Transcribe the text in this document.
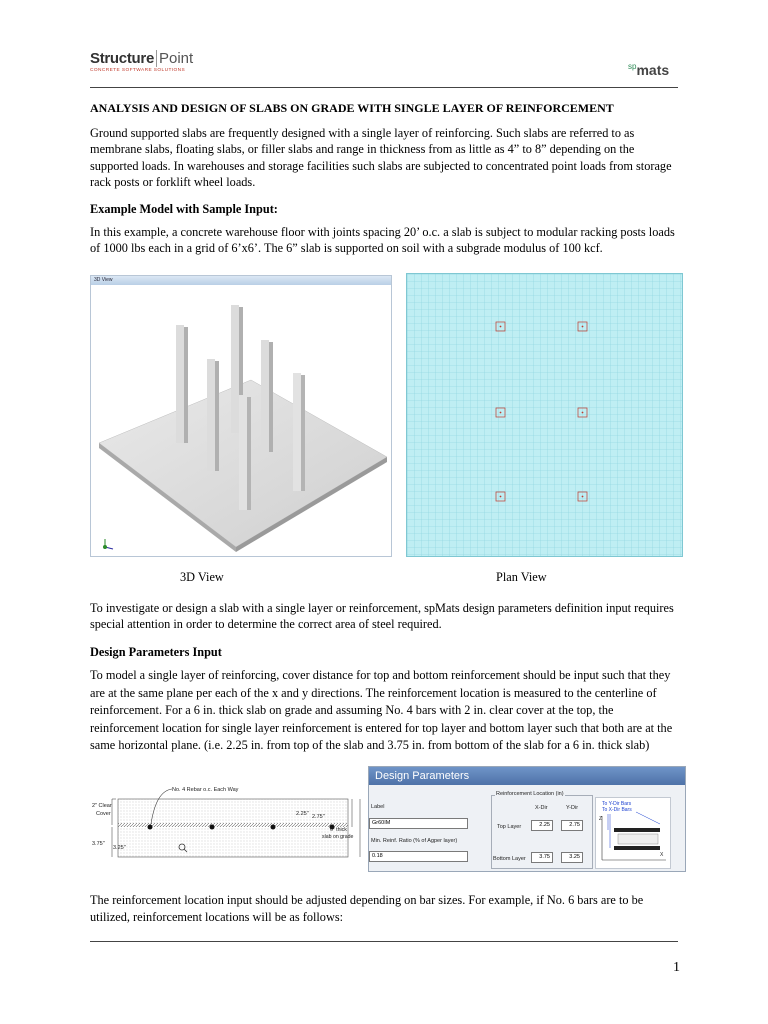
Structure Point
CONCRETE SOFTWARE SOLUTIONS	$^{sp}$mats
ANALYSIS AND DESIGN OF SLABS ON GRADE WITH SINGLE LAYER OF REINFORCEMENT
Ground supported slabs are frequently designed with a single layer of reinforcing. Such slabs are referred to as membrane slabs, floating slabs, or filler slabs and range in thickness from as little as 4” to 8” depending on the supported loads. In warehouses and storage facilities such slabs are subjected to concentrated point loads from storage rack posts or forklift wheel loads.
Example Model with Sample Input:
In this example, a concrete warehouse floor with joints spacing 20’ o.c. a slab is subject to modular racking posts loads of 1000 lbs each in a grid of 6’x6’. The 6” slab is supported on soil with a subgrade modulus of 100 kcf.
3D View
3D View	Plan View
To investigate or design a slab with a single layer or reinforcement, spMats design parameters definition input requires special attention in order to determine the correct area of steel required.
Design Parameters Input
To model a single layer of reinforcing, cover distance for top and bottom reinforcement should be input such that they are at the same plane per each of the x and y directions. The reinforcement location is measured to the centerline of reinforcement. For a 6 in. thick slab on grade and assuming No. 4 bars with 2 in. clear cover at the top, the reinforcement location for single layer reinforcement is entered for top layer and bottom layer such that both are at the same horizontal plane. (i.e. 2.25 in. from top of the slab and 3.75 in. from bottom of the slab for a 6 in. thick slab)
No. 4 Rebar o.c. Each Way
2" Clear
Cover
3.75"
3.25"
2.25" 2.75"
6" thick
slab on grade
Design Parameters
Label
Gr60IM
Min. Reinf. Ratio (% of Agper layer)
0.18
Reinforcement Location (in)
X-Dir	Y-Dir
Top Layer	2.25	2.75
Bottom Layer	3.75	3.25
To Y-Dir Bars
To X-Dir Bars
Z
X
The reinforcement location input should be adjusted depending on bar sizes. For example, if No. 6 bars are to be utilized, reinforcement locations will be as follows:
1
